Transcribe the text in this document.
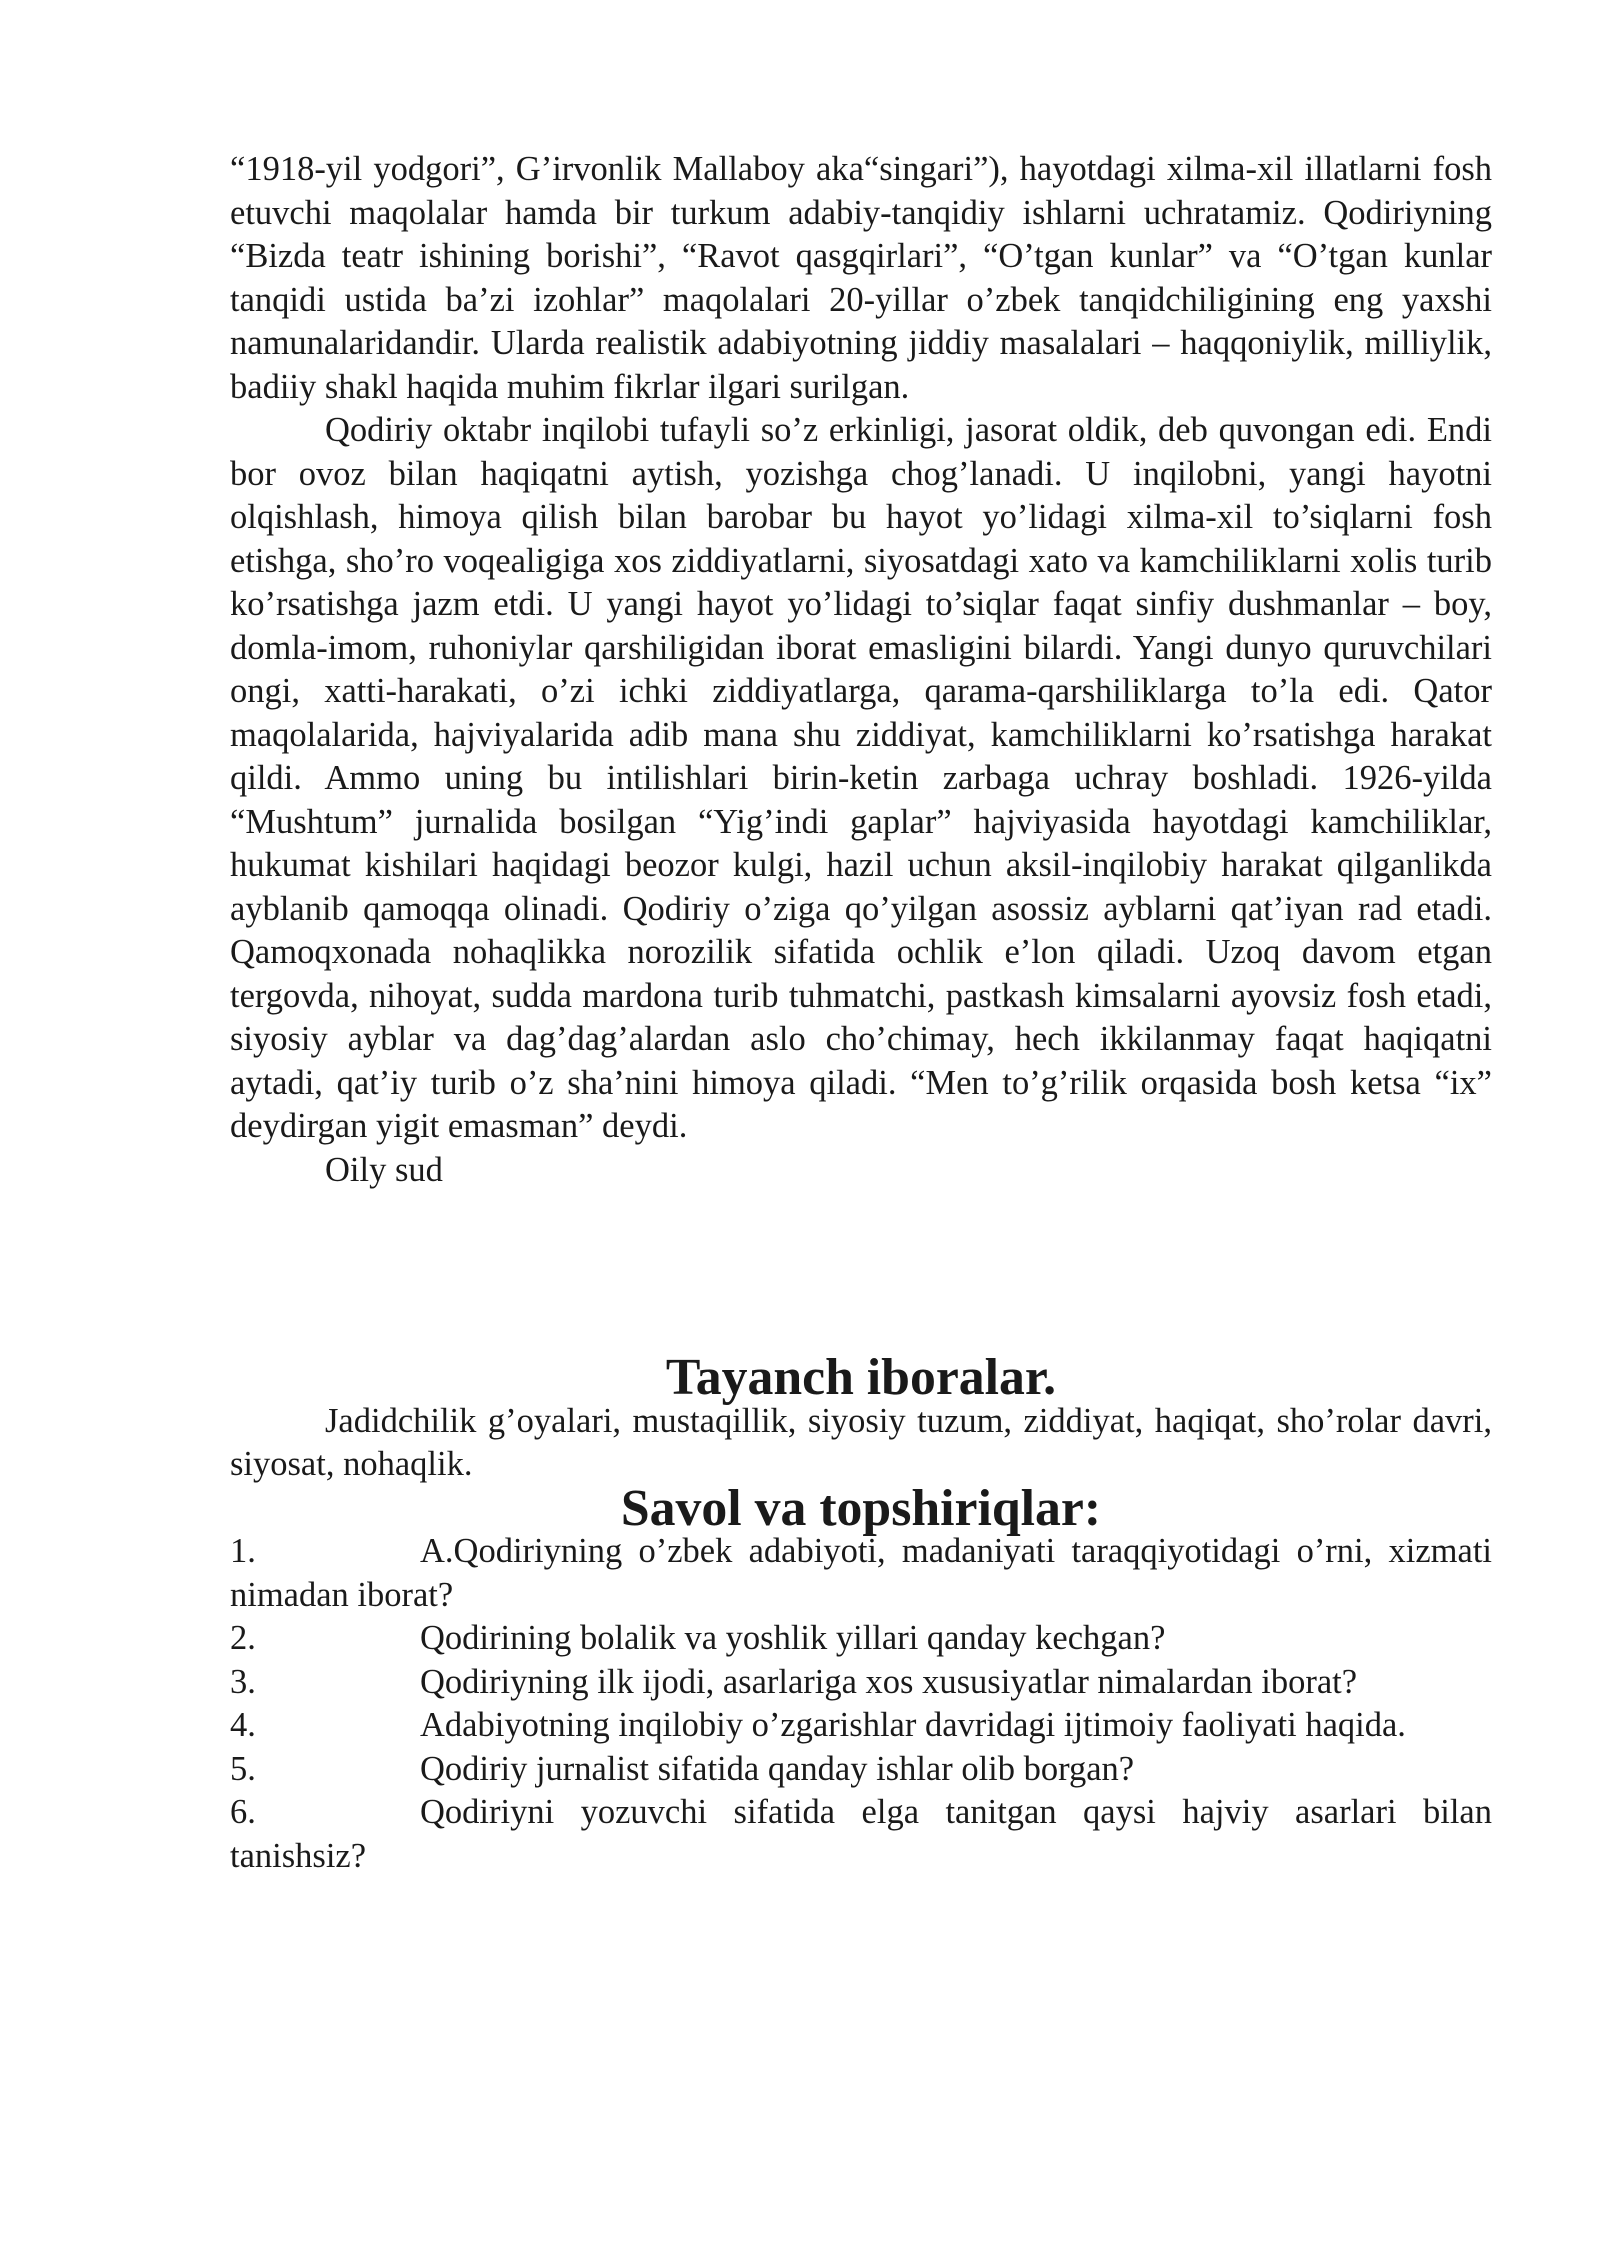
“1918-yil yodgori”, G’irvonlik Mallaboy aka“singari”), hayotdagi xilma-xil illatlarni fosh etuvchi maqolalar hamda bir turkum adabiy-tanqidiy ishlarni uchratamiz. Qodiriyning “Bizda teatr ishining borishi”, “Ravot qasgqirlari”, “O’tgan kunlar” va “O’tgan kunlar tanqidi ustida ba’zi izohlar” maqolalari 20-yillar o’zbek tanqidchiligining eng yaxshi namunalaridandir. Ularda realistik adabiyotning jiddiy masalalari – haqqoniylik, milliylik, badiiy shakl haqida muhim fikrlar ilgari surilgan.

Qodiriy oktabr inqilobi tufayli so’z erkinligi, jasorat oldik, deb quvongan edi. Endi bor ovoz bilan haqiqatni aytish, yozishga chog’lanadi. U inqilobni, yangi hayotni olqishlash, himoya qilish bilan barobar bu hayot yo’lidagi xilma-xil to’siqlarni fosh etishga, sho’ro voqealigiga xos ziddiyatlarni, siyosatdagi xato va kamchiliklarni xolis turib ko’rsatishga jazm etdi. U yangi hayot yo’lidagi to’siqlar faqat sinfiy dushmanlar – boy, domla-imom, ruhoniylar qarshiligidan iborat emasligini bilardi. Yangi dunyo quruvchilari ongi, xatti-harakati, o’zi ichki ziddiyatlarga, qarama-qarshiliklarga to’la edi. Qator maqolalarida, hajviyalarida adib mana shu ziddiyat, kamchiliklarni ko’rsatishga harakat qildi. Ammo uning bu intilishlari birin-ketin zarbaga uchray boshladi. 1926-yilda “Mushtum” jurnalida bosilgan “Yig’indi gaplar” hajviyasida hayotdagi kamchiliklar, hukumat kishilari haqidagi beozor kulgi, hazil uchun aksil-inqilobiy harakat qilganlikda ayblanib qamoqqa olinadi. Qodiriy o’ziga qo’yilgan asossiz ayblarni qat’iyan rad etadi. Qamoqxonada nohaqlikka norozilik sifatida ochlik e’lon qiladi. Uzoq davom etgan tergovda, nihoyat, sudda mardona turib tuhmatchi, pastkash kimsalarni ayovsiz fosh etadi, siyosiy ayblar va dag’dag’alardan aslo cho’chimay, hech ikkilanmay faqat haqiqatni aytadi, qat’iy turib o’z sha’nini himoya qiladi. “Men to’g’rilik orqasida bosh ketsa “ix” deydirgan yigit emasman” deydi.

Oily sud

Tayanch iboralar.

Jadidchilik g’oyalari, mustaqillik, siyosiy tuzum, ziddiyat, haqiqat, sho’rolar davri, siyosat, nohaqlik.

Savol va topshiriqlar:
1.	A.Qodiriyning o’zbek adabiyoti, madaniyati taraqqiyotidagi o’rni, xizmati nimadan iborat?
2.	Qodirining bolalik va yoshlik yillari qanday kechgan?
3.	Qodiriyning ilk ijodi, asarlariga xos xususiyatlar nimalardan iborat?
4.	Adabiyotning inqilobiy o’zgarishlar davridagi ijtimoiy faoliyati haqida.
5.	Qodiriy jurnalist sifatida qanday ishlar olib borgan?
6.	Qodiriyni yozuvchi sifatida elga tanitgan qaysi hajviy asarlari bilan tanishsiz?
